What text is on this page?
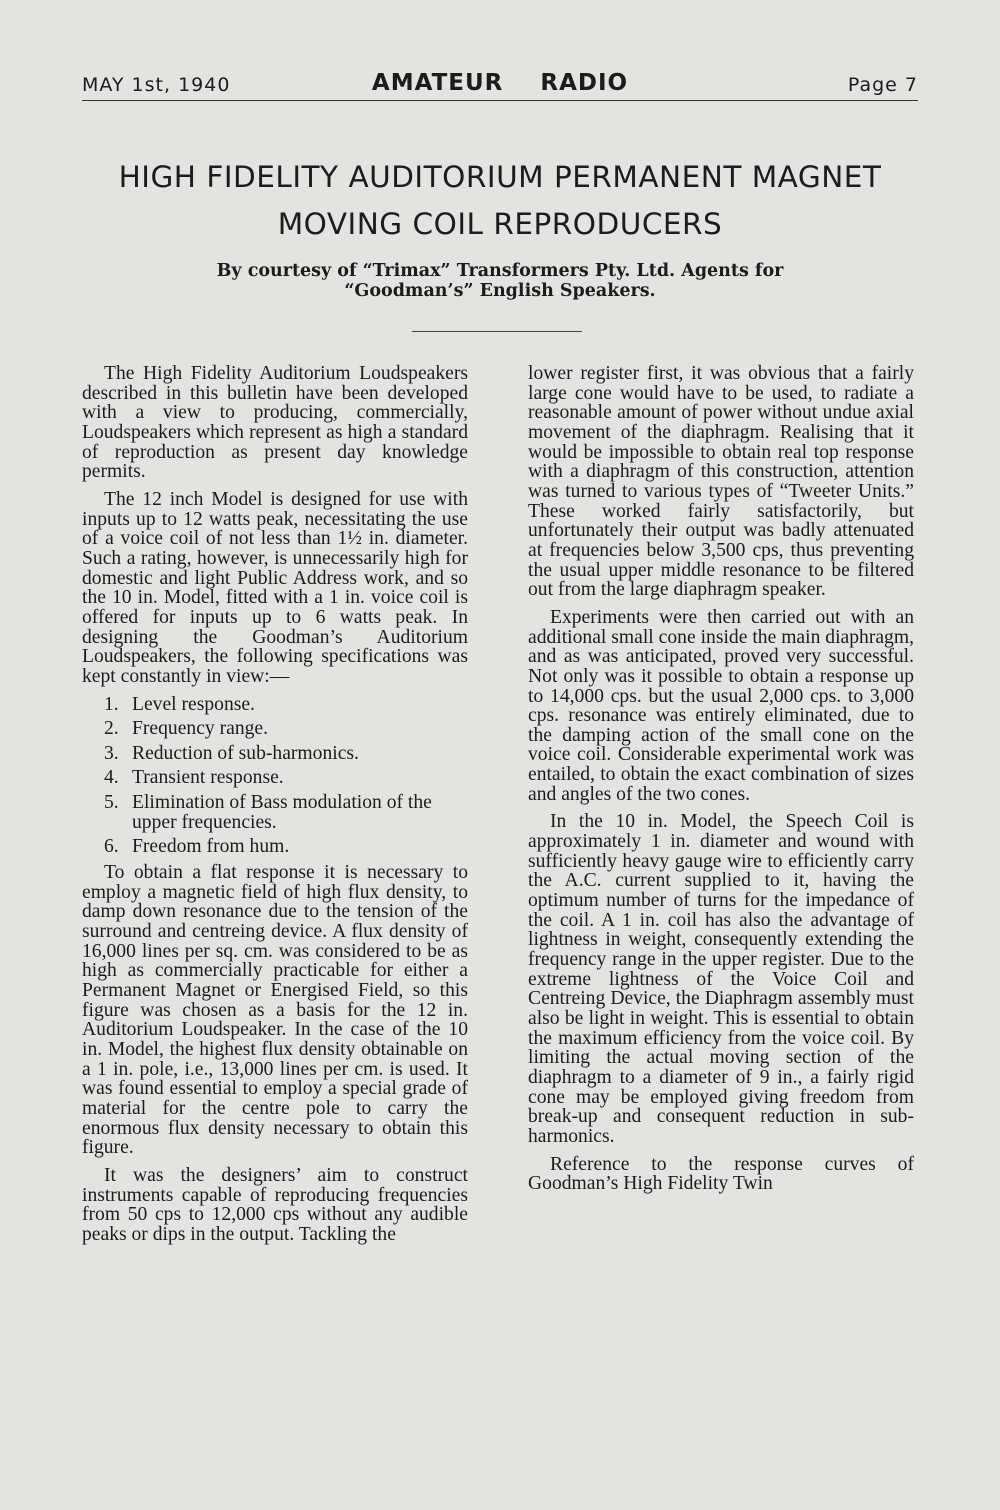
MAY 1st, 1940	AMATEUR RADIO	Page 7
HIGH FIDELITY AUDITORIUM PERMANENT MAGNET
MOVING COIL REPRODUCERS

By courtesy of “Trimax” Transformers Pty. Ltd. Agents for
“Goodman’s” English Speakers.

The High Fidelity Auditorium Loudspeakers described in this bulletin have been developed with a view to producing, commercially, Loudspeakers which represent as high a standard of reproduction as present day knowledge permits.

The 12 inch Model is designed for use with inputs up to 12 watts peak, necessitating the use of a voice coil of not less than 1½ in. diameter. Such a rating, however, is unnecessarily high for domestic and light Public Address work, and so the 10 in. Model, fitted with a 1 in. voice coil is offered for inputs up to 6 watts peak. In designing the Goodman’s Auditorium Loudspeakers, the following specifications was kept constantly in view:—

1. Level response.
2. Frequency range.
3. Reduction of sub-harmonics.
4. Transient response.
5. Elimination of Bass modulation of the upper frequencies.
6. Freedom from hum.

To obtain a flat response it is necessary to employ a magnetic field of high flux density, to damp down resonance due to the tension of the surround and centreing device. A flux density of 16,000 lines per sq. cm. was considered to be as high as commercially practicable for either a Permanent Magnet or Energised Field, so this figure was chosen as a basis for the 12 in. Auditorium Loudspeaker. In the case of the 10 in. Model, the highest flux density obtainable on a 1 in. pole, i.e., 13,000 lines per cm. is used. It was found essential to employ a special grade of material for the centre pole to carry the enormous flux density necessary to obtain this figure.

It was the designers’ aim to construct instruments capable of reproducing frequencies from 50 cps to 12,000 cps without any audible peaks or dips in the output. Tackling the

lower register first, it was obvious that a fairly large cone would have to be used, to radiate a reasonable amount of power without undue axial movement of the diaphragm. Realising that it would be impossible to obtain real top response with a diaphragm of this construction, attention was turned to various types of “Tweeter Units.” These worked fairly satisfactorily, but unfortunately their output was badly attenuated at frequencies below 3,500 cps, thus preventing the usual upper middle resonance to be filtered out from the large diaphragm speaker.

Experiments were then carried out with an additional small cone inside the main diaphragm, and as was anticipated, proved very successful. Not only was it possible to obtain a response up to 14,000 cps. but the usual 2,000 cps. to 3,000 cps. resonance was entirely eliminated, due to the damping action of the small cone on the voice coil. Considerable experimental work was entailed, to obtain the exact combination of sizes and angles of the two cones.

In the 10 in. Model, the Speech Coil is approximately 1 in. diameter and wound with sufficiently heavy gauge wire to efficiently carry the A.C. current supplied to it, having the optimum number of turns for the impedance of the coil. A 1 in. coil has also the advantage of lightness in weight, consequently extending the frequency range in the upper register. Due to the extreme lightness of the Voice Coil and Centreing Device, the Diaphragm assembly must also be light in weight. This is essential to obtain the maximum efficiency from the voice coil. By limiting the actual moving section of the diaphragm to a diameter of 9 in., a fairly rigid cone may be employed giving freedom from break-up and consequent reduction in sub-harmonics.

Reference to the response curves of Goodman’s High Fidelity Twin
